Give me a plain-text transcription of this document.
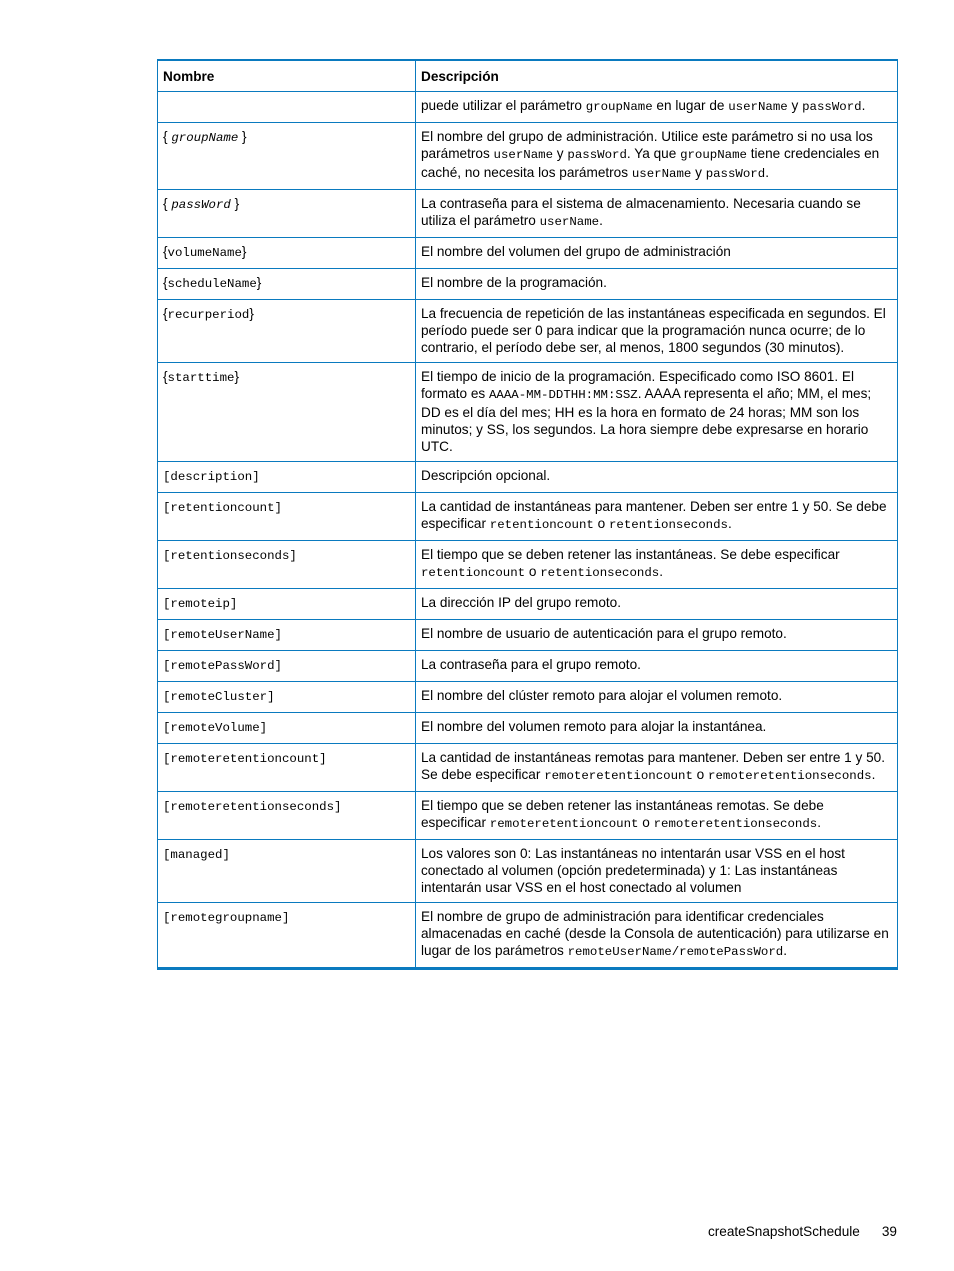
Nombre	Descripción
	puede utilizar el parámetro groupName en lugar de userName y passWord.
{ groupName }	El nombre del grupo de administración. Utilice este parámetro si no usa los parámetros userName y passWord. Ya que groupName tiene credenciales en caché, no necesita los parámetros userName y passWord.
{ passWord }	La contraseña para el sistema de almacenamiento. Necesaria cuando se utiliza el parámetro userName.
{volumeName}	El nombre del volumen del grupo de administración
{scheduleName}	El nombre de la programación.
{recurperiod}	La frecuencia de repetición de las instantáneas especificada en segundos. El período puede ser 0 para indicar que la programación nunca ocurre; de lo contrario, el período debe ser, al menos, 1800 segundos (30 minutos).
{starttime}	El tiempo de inicio de la programación. Especificado como ISO 8601. El formato es AAAA-MM-DDTHH:MM:SSZ. AAAA representa el año; MM, el mes; DD es el día del mes; HH es la hora en formato de 24 horas; MM son los minutos; y SS, los segundos. La hora siempre debe expresarse en horario UTC.
[description]	Descripción opcional.
[retentioncount]	La cantidad de instantáneas para mantener. Deben ser entre 1 y 50. Se debe especificar retentioncount o retentionseconds.
[retentionseconds]	El tiempo que se deben retener las instantáneas. Se debe especificar retentioncount o retentionseconds.
[remoteip]	La dirección IP del grupo remoto.
[remoteUserName]	El nombre de usuario de autenticación para el grupo remoto.
[remotePassWord]	La contraseña para el grupo remoto.
[remoteCluster]	El nombre del clúster remoto para alojar el volumen remoto.
[remoteVolume]	El nombre del volumen remoto para alojar la instantánea.
[remoteretentioncount]	La cantidad de instantáneas remotas para mantener. Deben ser entre 1 y 50. Se debe especificar remoteretentioncount o remoteretentionseconds.
[remoteretentionseconds]	El tiempo que se deben retener las instantáneas remotas. Se debe especificar remoteretentioncount o remoteretentionseconds.
[managed]	Los valores son 0: Las instantáneas no intentarán usar VSS en el host conectado al volumen (opción predeterminada) y 1: Las instantáneas intentarán usar VSS en el host conectado al volumen
[remotegroupname]	El nombre de grupo de administración para identificar credenciales almacenadas en caché (desde la Consola de autenticación) para utilizarse en lugar de los parámetros remoteUserName/remotePassWord.
createSnapshotSchedule 39
